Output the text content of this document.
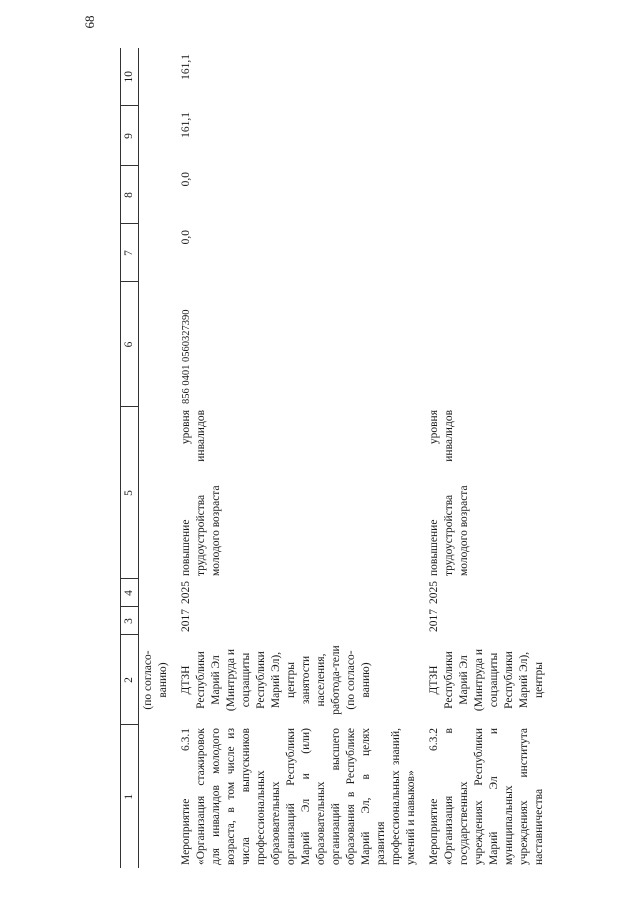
68
1	2	3	4	5	6	7	8	9	10
	(по согласо-ванию)								

Мероприятие 6.3.1 «Организация стажировок для инвалидов молодого возраста, в том числе из числа выпускников профессиональных образовательных организаций Республики Марий Эл и (или) образовательных организаций высшего образования в Республике Марий Эл, в целях развития профессиональных знаний, умений и навыков»	ДТЗН Республики Марий Эл (Минтруда и соцзащиты Республики Марий Эл), центры занятости населения, работода-тели (по согласо-ванию)	2017	2025	повышение уровня трудоустройства инвалидов молодого возраста	856 0401 0560327390	0,0	0,0	161,1	161,1

Мероприятие 6.3.2 «Организация в государственных учреждениях Республики Марий Эл и муниципальных учреждениях института наставничества	ДТЗН Республики Марий Эл (Минтруда и соцзащиты Республики Марий Эл), центры	2017	2025	повышение уровня трудоустройства инвалидов молодого возраста					
